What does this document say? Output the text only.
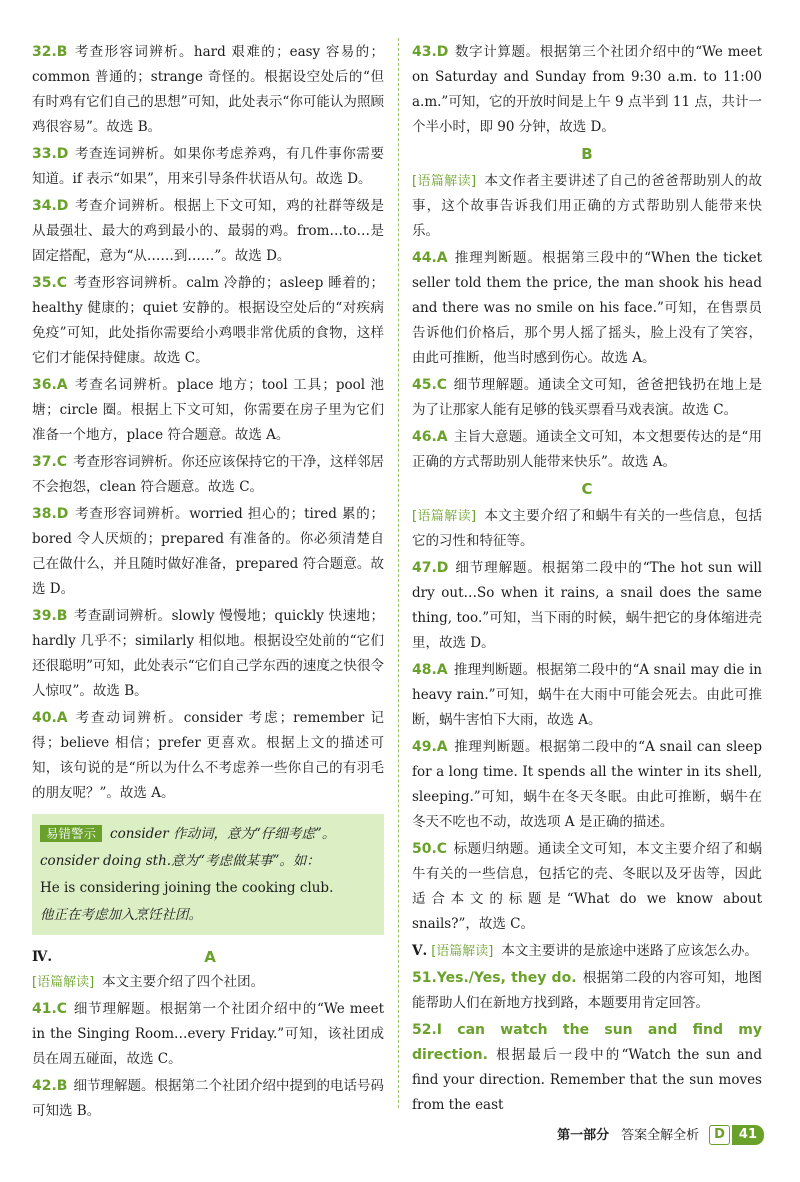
32.B 考查形容词辨析。hard 艰难的；easy 容易的；common 普通的；strange 奇怪的。根据设空处后的“但有时鸡有它们自己的思想”可知，此处表示“你可能认为照顾鸡很容易”。故选 B。
33.D 考查连词辨析。如果你考虑养鸡，有几件事你需要知道。if 表示“如果”，用来引导条件状语从句。故选 D。
34.D 考查介词辨析。根据上下文可知，鸡的社群等级是从最强壮、最大的鸡到最小的、最弱的鸡。from…to…是固定搭配，意为“从……到……”。故选 D。
35.C 考查形容词辨析。calm 冷静的；asleep 睡着的；healthy 健康的；quiet 安静的。根据设空处后的“对疾病免疫”可知，此处指你需要给小鸡喂非常优质的食物，这样它们才能保持健康。故选 C。
36.A 考查名词辨析。place 地方；tool 工具；pool 池塘；circle 圈。根据上下文可知，你需要在房子里为它们准备一个地方，place 符合题意。故选 A。
37.C 考查形容词辨析。你还应该保持它的干净，这样邻居不会抱怨，clean 符合题意。故选 C。
38.D 考查形容词辨析。worried 担心的；tired 累的；bored 令人厌烦的；prepared 有准备的。你必须清楚自己在做什么，并且随时做好准备，prepared 符合题意。故选 D。
39.B 考查副词辨析。slowly 慢慢地；quickly 快速地；hardly 几乎不；similarly 相似地。根据设空处前的“它们还很聪明”可知，此处表示“它们自己学东西的速度之快很令人惊叹”。故选 B。
40.A 考查动词辨析。consider 考虑；remember 记得；believe 相信；prefer 更喜欢。根据上文的描述可知，该句说的是“所以为什么不考虑养一些你自己的有羽毛的朋友呢？”。故选 A。
易错警示 consider 作动词，意为“仔细考虑”。
consider doing sth.意为“考虑做某事”。如：
He is considering joining the cooking club.
他正在考虑加入烹饪社团。
Ⅳ.	A
[语篇解读] 本文主要介绍了四个社团。
41.C 细节理解题。根据第一个社团介绍中的“We meet in the Singing Room…every Friday.”可知，该社团成员在周五碰面，故选 C。
42.B 细节理解题。根据第二个社团介绍中提到的电话号码可知选 B。
43.D 数字计算题。根据第三个社团介绍中的“We meet on Saturday and Sunday from 9:30 a.m. to 11:00 a.m.”可知，它的开放时间是上午 9 点半到 11 点，共计一个半小时，即 90 分钟，故选 D。
B
[语篇解读] 本文作者主要讲述了自己的爸爸帮助别人的故事，这个故事告诉我们用正确的方式帮助别人能带来快乐。
44.A 推理判断题。根据第三段中的“When the ticket seller told them the price, the man shook his head and there was no smile on his face.”可知，在售票员告诉他们价格后，那个男人摇了摇头，脸上没有了笑容，由此可推断，他当时感到伤心。故选 A。
45.C 细节理解题。通读全文可知，爸爸把钱扔在地上是为了让那家人能有足够的钱买票看马戏表演。故选 C。
46.A 主旨大意题。通读全文可知，本文想要传达的是“用正确的方式帮助别人能带来快乐”。故选 A。
C
[语篇解读] 本文主要介绍了和蜗牛有关的一些信息，包括它的习性和特征等。
47.D 细节理解题。根据第二段中的“The hot sun will dry out…So when it rains, a snail does the same thing, too.”可知，当下雨的时候，蜗牛把它的身体缩进壳里，故选 D。
48.A 推理判断题。根据第二段中的“A snail may die in heavy rain.”可知，蜗牛在大雨中可能会死去。由此可推断，蜗牛害怕下大雨，故选 A。
49.A 推理判断题。根据第二段中的“A snail can sleep for a long time. It spends all the winter in its shell, sleeping.”可知，蜗牛在冬天冬眠。由此可推断，蜗牛在冬天不吃也不动，故选项 A 是正确的描述。
50.C 标题归纳题。通读全文可知，本文主要介绍了和蜗牛有关的一些信息，包括它的壳、冬眠以及牙齿等，因此适合本文的标题是“What do we know about snails?”，故选 C。
Ⅴ. [语篇解读] 本文主要讲的是旅途中迷路了应该怎么办。
51.Yes./Yes, they do. 根据第二段的内容可知，地图能帮助人们在新地方找到路，本题要用肯定回答。
52.I can watch the sun and find my direction. 根据最后一段中的“Watch the sun and find your direction. Remember that the sun moves from the east
第一部分 答案全解全析	D	41
